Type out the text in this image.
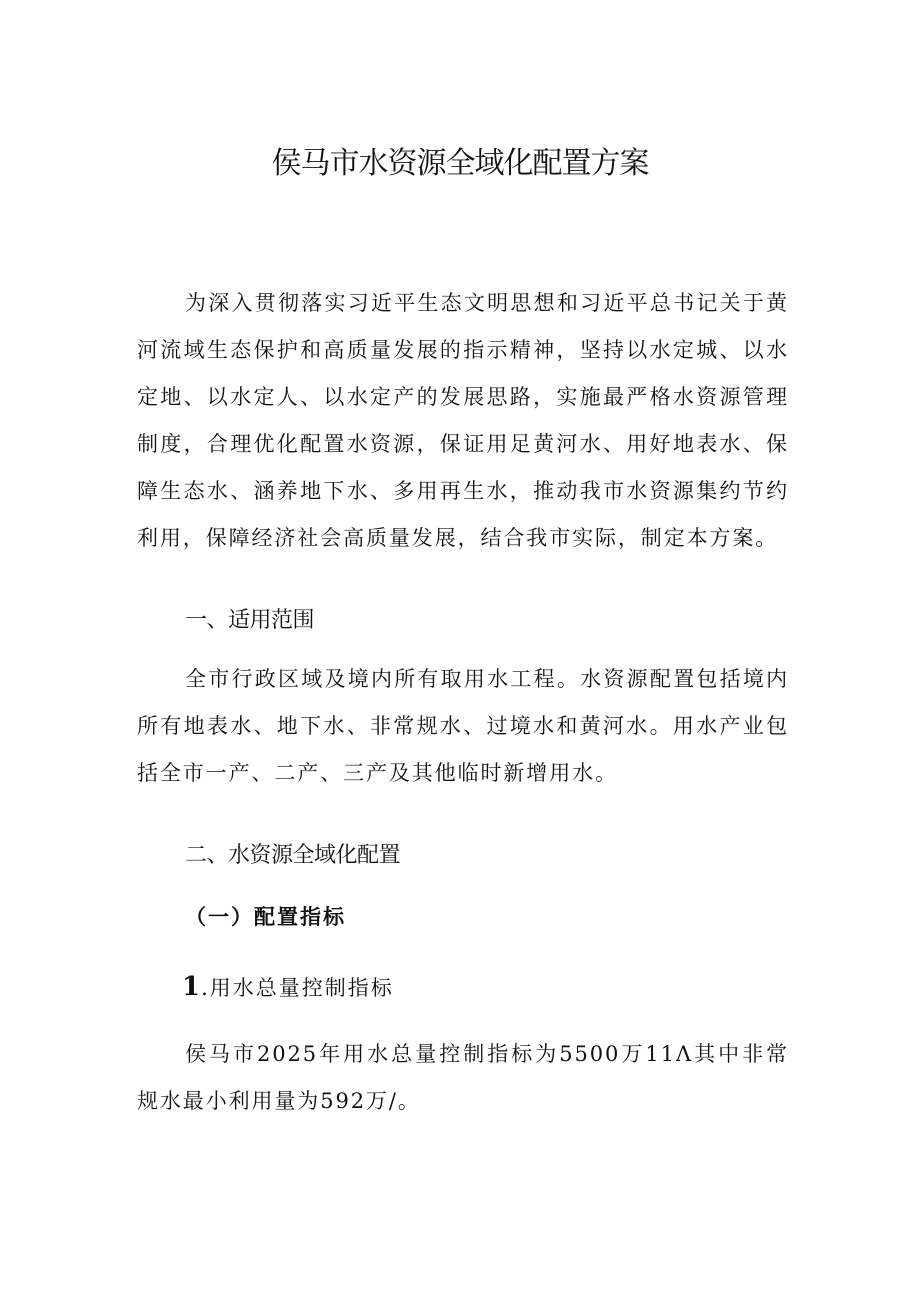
侯马市水资源全域化配置方案

为深入贯彻落实习近平生态文明思想和习近平总书记关于黄河流域生态保护和高质量发展的指示精神，坚持以水定城、以水定地、以水定人、以水定产的发展思路，实施最严格水资源管理制度，合理优化配置水资源，保证用足黄河水、用好地表水、保障生态水、涵养地下水、多用再生水，推动我市水资源集约节约利用，保障经济社会高质量发展，结合我市实际，制定本方案。

一、适用范围

全市行政区域及境内所有取用水工程。水资源配置包括境内所有地表水、地下水、非常规水、过境水和黄河水。用水产业包括全市一产、二产、三产及其他临时新增用水。

二、水资源全域化配置
（一）配置指标
1 .用水总量控制指标

侯马市2025年用水总量控制指标为5500万11Λ其中非常规水最小利用量为592万/。
